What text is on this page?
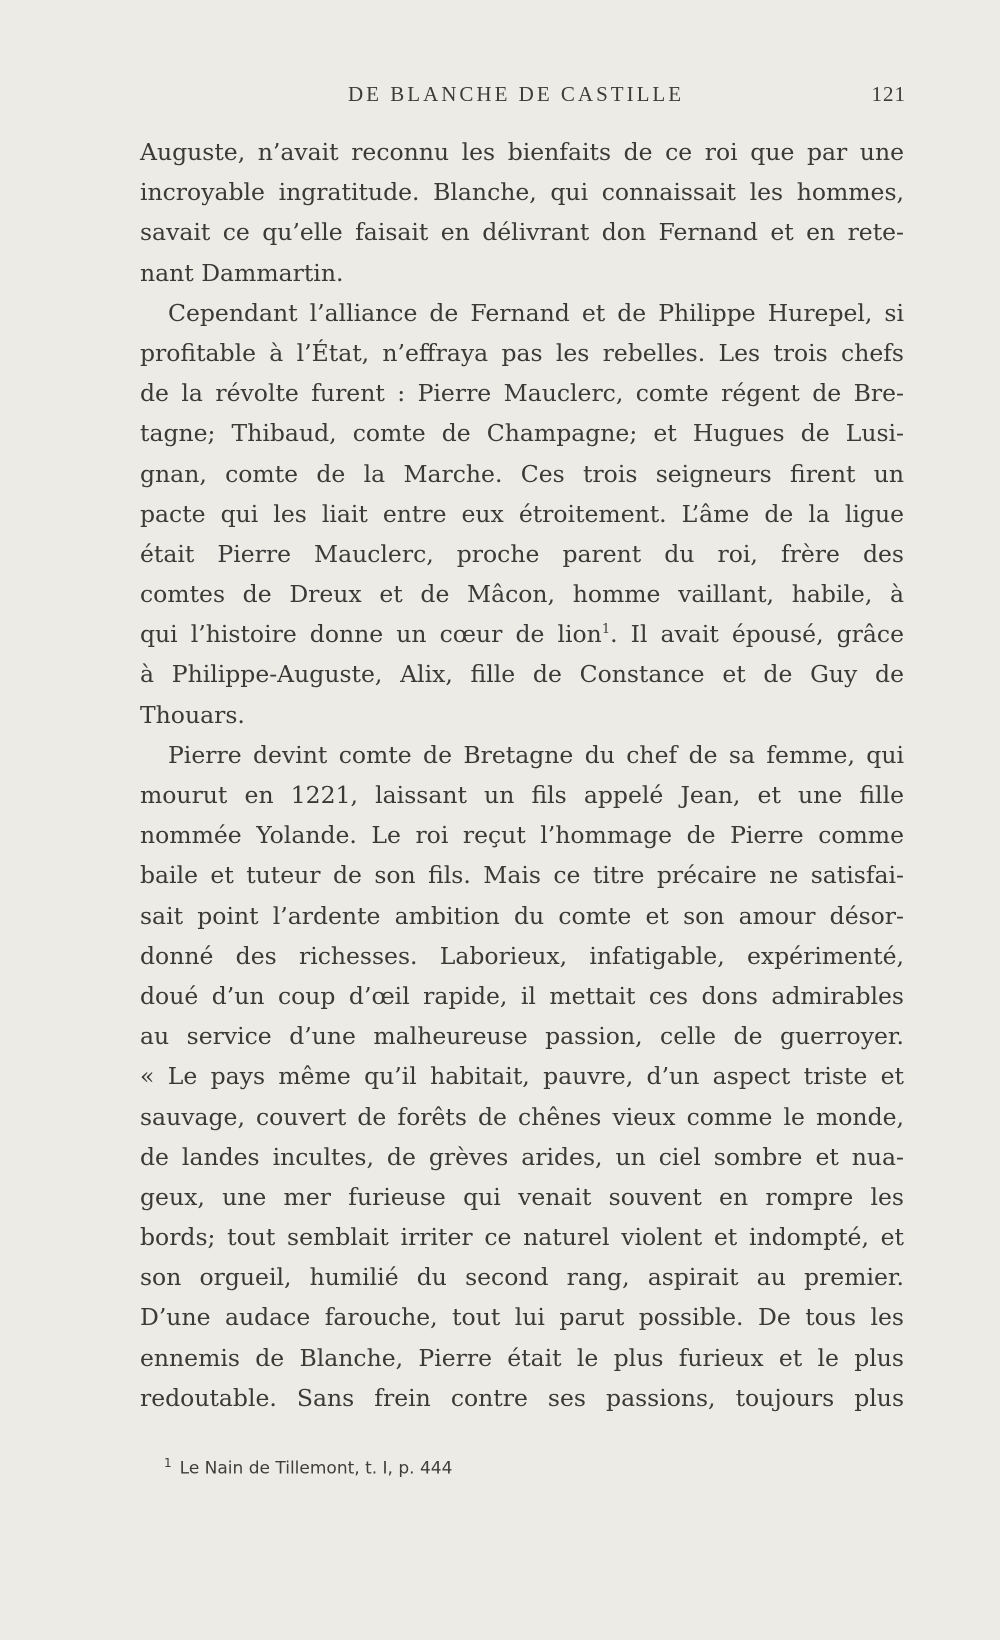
DE BLANCHE DE CASTILLE	121
Auguste, n’avait reconnu les bienfaits de ce roi que par une
incroyable ingratitude. Blanche, qui connaissait les hommes,
savait ce qu’elle faisait en délivrant don Fernand et en rete-
nant Dammartin.
Cependant l’alliance de Fernand et de Philippe Hurepel, si
profitable à l’État, n’effraya pas les rebelles. Les trois chefs
de la révolte furent : Pierre Mauclerc, comte régent de Bre-
tagne; Thibaud, comte de Champagne; et Hugues de Lusi-
gnan, comte de la Marche. Ces trois seigneurs firent un
pacte qui les liait entre eux étroitement. L’âme de la ligue
était Pierre Mauclerc, proche parent du roi, frère des
comtes de Dreux et de Mâcon, homme vaillant, habile, à
qui l’histoire donne un cœur de lion$^1$. Il avait épousé, grâce
à Philippe-Auguste, Alix, fille de Constance et de Guy de
Thouars.
Pierre devint comte de Bretagne du chef de sa femme, qui
mourut en 1221, laissant un fils appelé Jean, et une fille
nommée Yolande. Le roi reçut l’hommage de Pierre comme
baile et tuteur de son fils. Mais ce titre précaire ne satisfai-
sait point l’ardente ambition du comte et son amour désor-
donné des richesses. Laborieux, infatigable, expérimenté,
doué d’un coup d’œil rapide, il mettait ces dons admirables
au service d’une malheureuse passion, celle de guerroyer.
« Le pays même qu’il habitait, pauvre, d’un aspect triste et
sauvage, couvert de forêts de chênes vieux comme le monde,
de landes incultes, de grèves arides, un ciel sombre et nua-
geux, une mer furieuse qui venait souvent en rompre les
bords; tout semblait irriter ce naturel violent et indompté, et
son orgueil, humilié du second rang, aspirait au premier.
D’une audace farouche, tout lui parut possible. De tous les
ennemis de Blanche, Pierre était le plus furieux et le plus
redoutable. Sans frein contre ses passions, toujours plus
$^1$ Le Nain de Tillemont, t. I, p. 444
